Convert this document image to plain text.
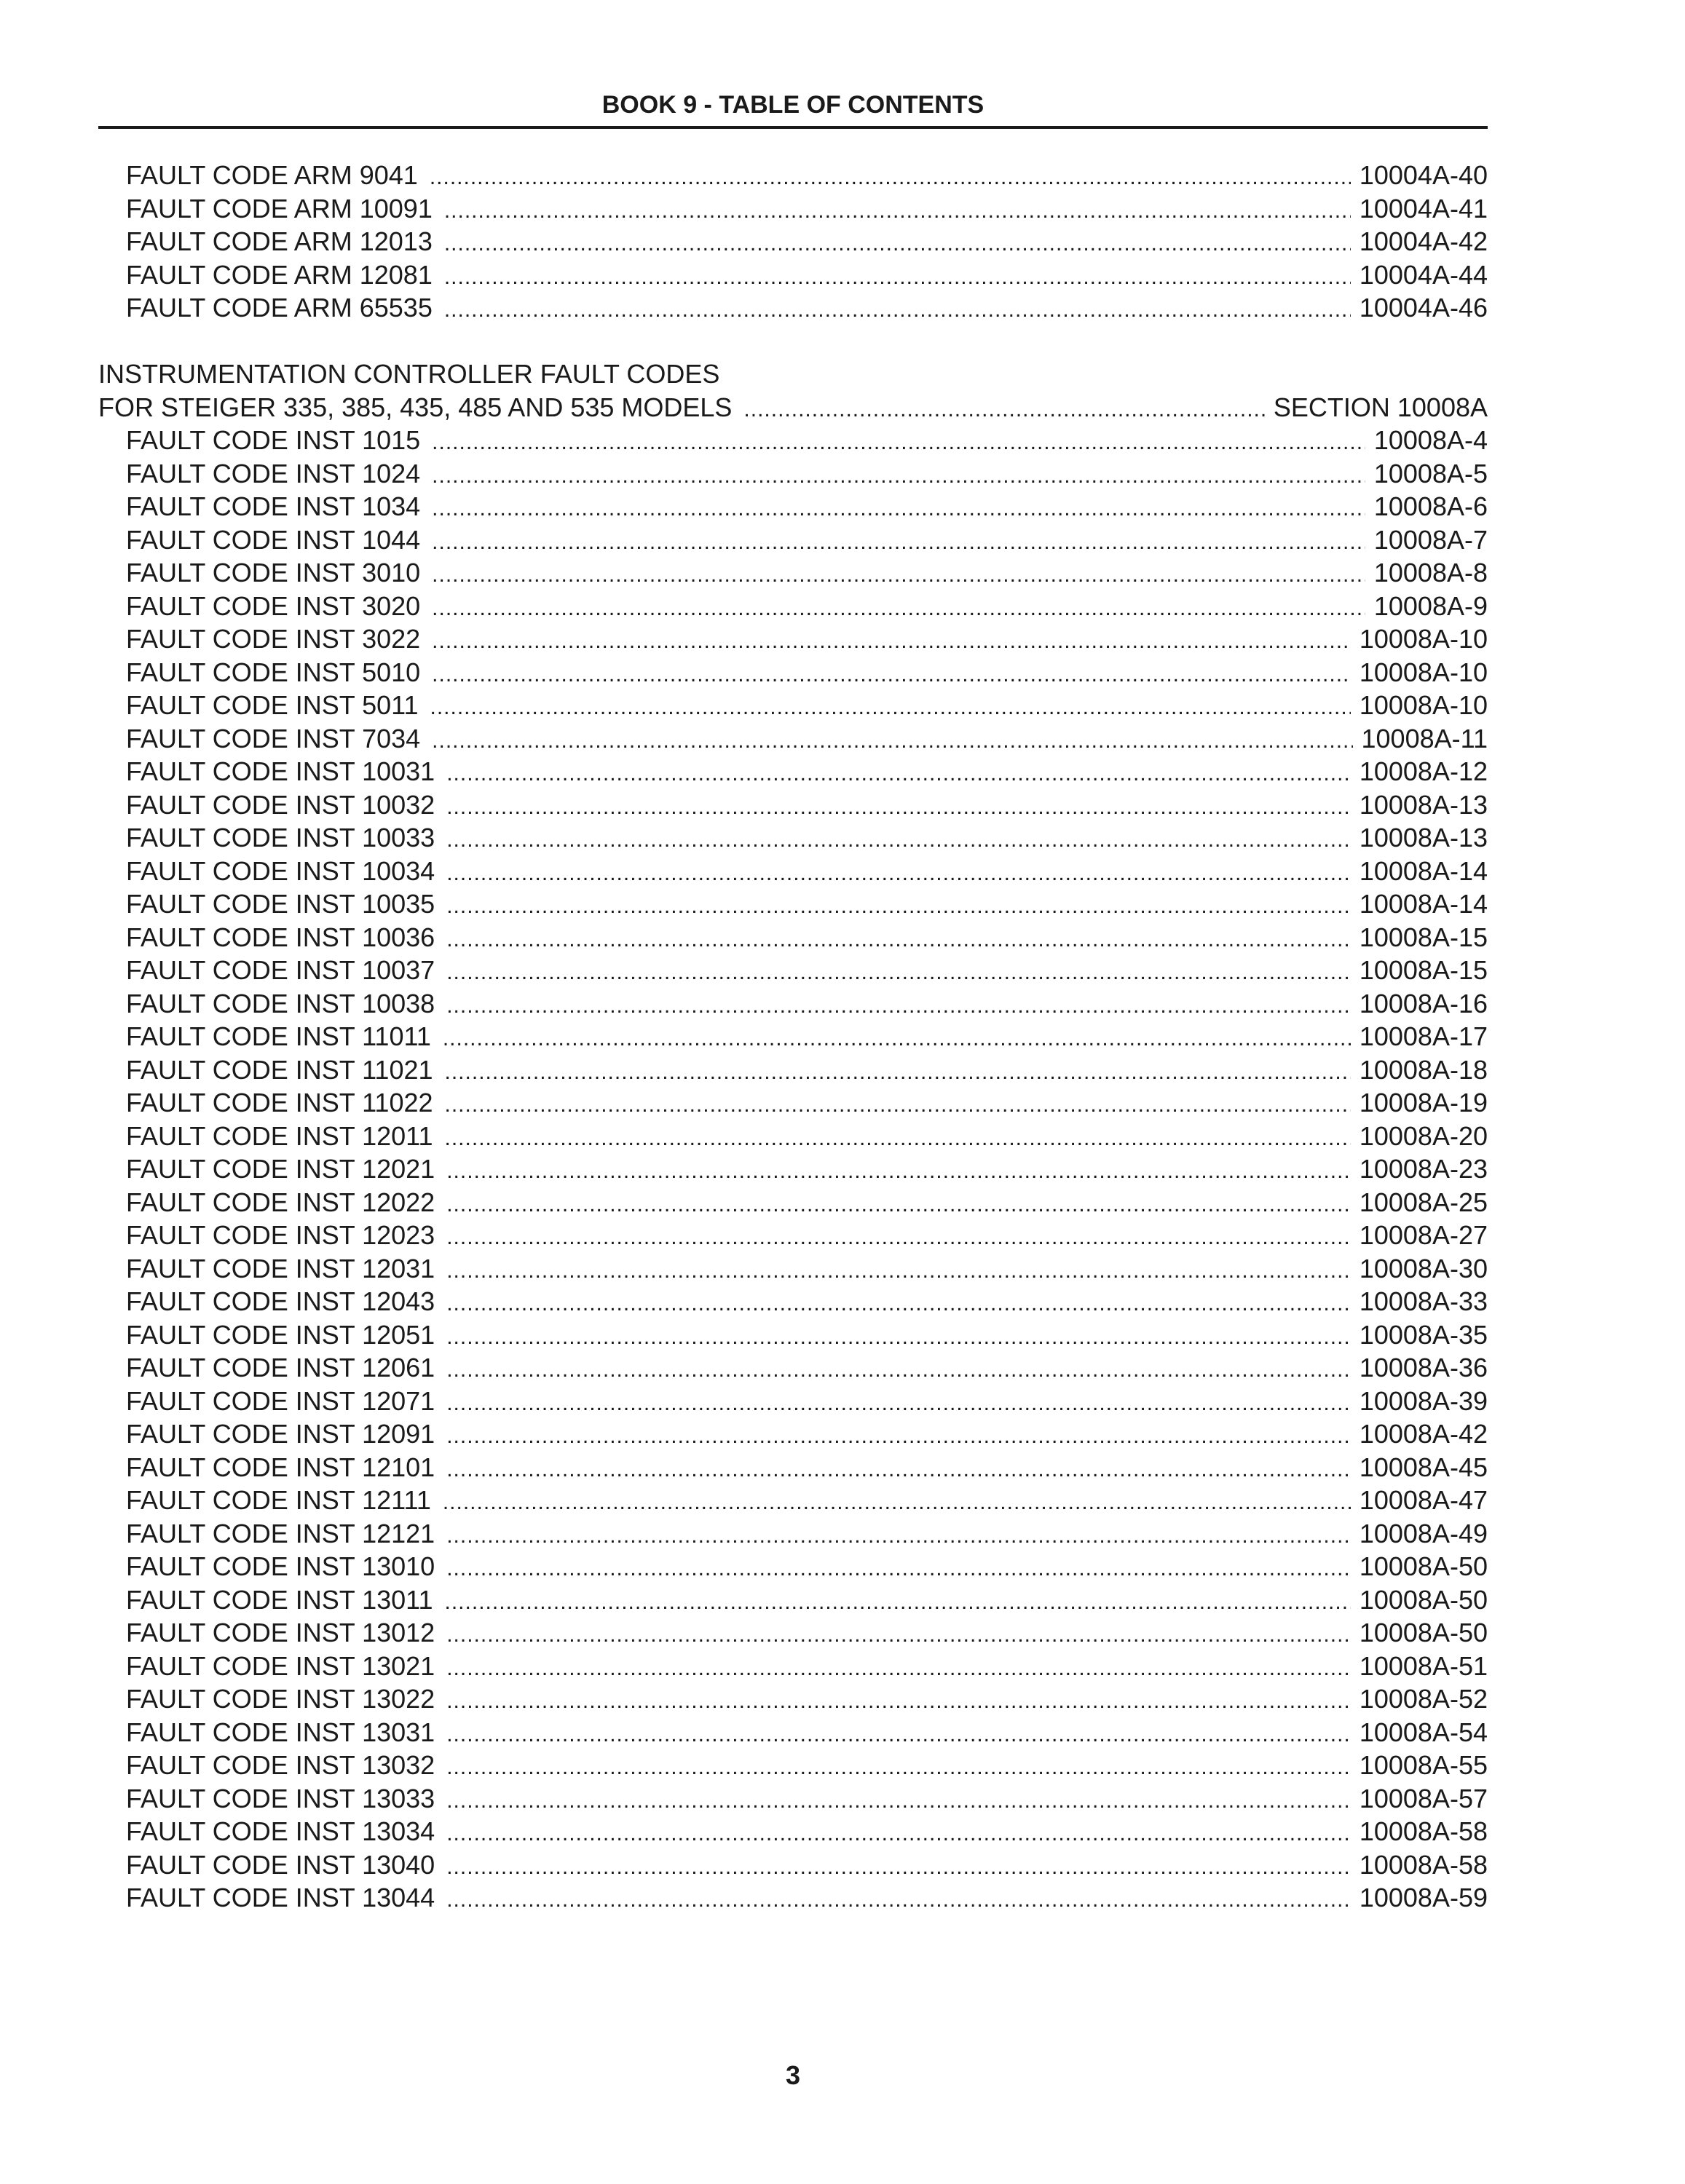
BOOK 9 - TABLE OF CONTENTS
FAULT CODE ARM 9041 .....	10004A-40
FAULT CODE ARM 10091 .....	10004A-41
FAULT CODE ARM 12013 .....	10004A-42
FAULT CODE ARM 12081 .....	10004A-44
FAULT CODE ARM 65535 .....	10004A-46
INSTRUMENTATION CONTROLLER FAULT CODES
FOR STEIGER 335, 385, 435, 485 AND 535 MODELS .....	SECTION 10008A
FAULT CODE INST 1015 .....	10008A-4
FAULT CODE INST 1024 .....	10008A-5
FAULT CODE INST 1034 .....	10008A-6
FAULT CODE INST 1044 .....	10008A-7
FAULT CODE INST 3010 .....	10008A-8
FAULT CODE INST 3020 .....	10008A-9
FAULT CODE INST 3022 .....	10008A-10
FAULT CODE INST 5010 .....	10008A-10
FAULT CODE INST 5011 .....	10008A-10
FAULT CODE INST 7034 .....	10008A-11
FAULT CODE INST 10031 .....	10008A-12
FAULT CODE INST 10032 .....	10008A-13
FAULT CODE INST 10033 .....	10008A-13
FAULT CODE INST 10034 .....	10008A-14
FAULT CODE INST 10035 .....	10008A-14
FAULT CODE INST 10036 .....	10008A-15
FAULT CODE INST 10037 .....	10008A-15
FAULT CODE INST 10038 .....	10008A-16
FAULT CODE INST 11011 .....	10008A-17
FAULT CODE INST 11021 .....	10008A-18
FAULT CODE INST 11022 .....	10008A-19
FAULT CODE INST 12011 .....	10008A-20
FAULT CODE INST 12021 .....	10008A-23
FAULT CODE INST 12022 .....	10008A-25
FAULT CODE INST 12023 .....	10008A-27
FAULT CODE INST 12031 .....	10008A-30
FAULT CODE INST 12043 .....	10008A-33
FAULT CODE INST 12051 .....	10008A-35
FAULT CODE INST 12061 .....	10008A-36
FAULT CODE INST 12071 .....	10008A-39
FAULT CODE INST 12091 .....	10008A-42
FAULT CODE INST 12101 .....	10008A-45
FAULT CODE INST 12111 .....	10008A-47
FAULT CODE INST 12121 .....	10008A-49
FAULT CODE INST 13010 .....	10008A-50
FAULT CODE INST 13011 .....	10008A-50
FAULT CODE INST 13012 .....	10008A-50
FAULT CODE INST 13021 .....	10008A-51
FAULT CODE INST 13022 .....	10008A-52
FAULT CODE INST 13031 .....	10008A-54
FAULT CODE INST 13032 .....	10008A-55
FAULT CODE INST 13033 .....	10008A-57
FAULT CODE INST 13034 .....	10008A-58
FAULT CODE INST 13040 .....	10008A-58
FAULT CODE INST 13044 .....	10008A-59
3
